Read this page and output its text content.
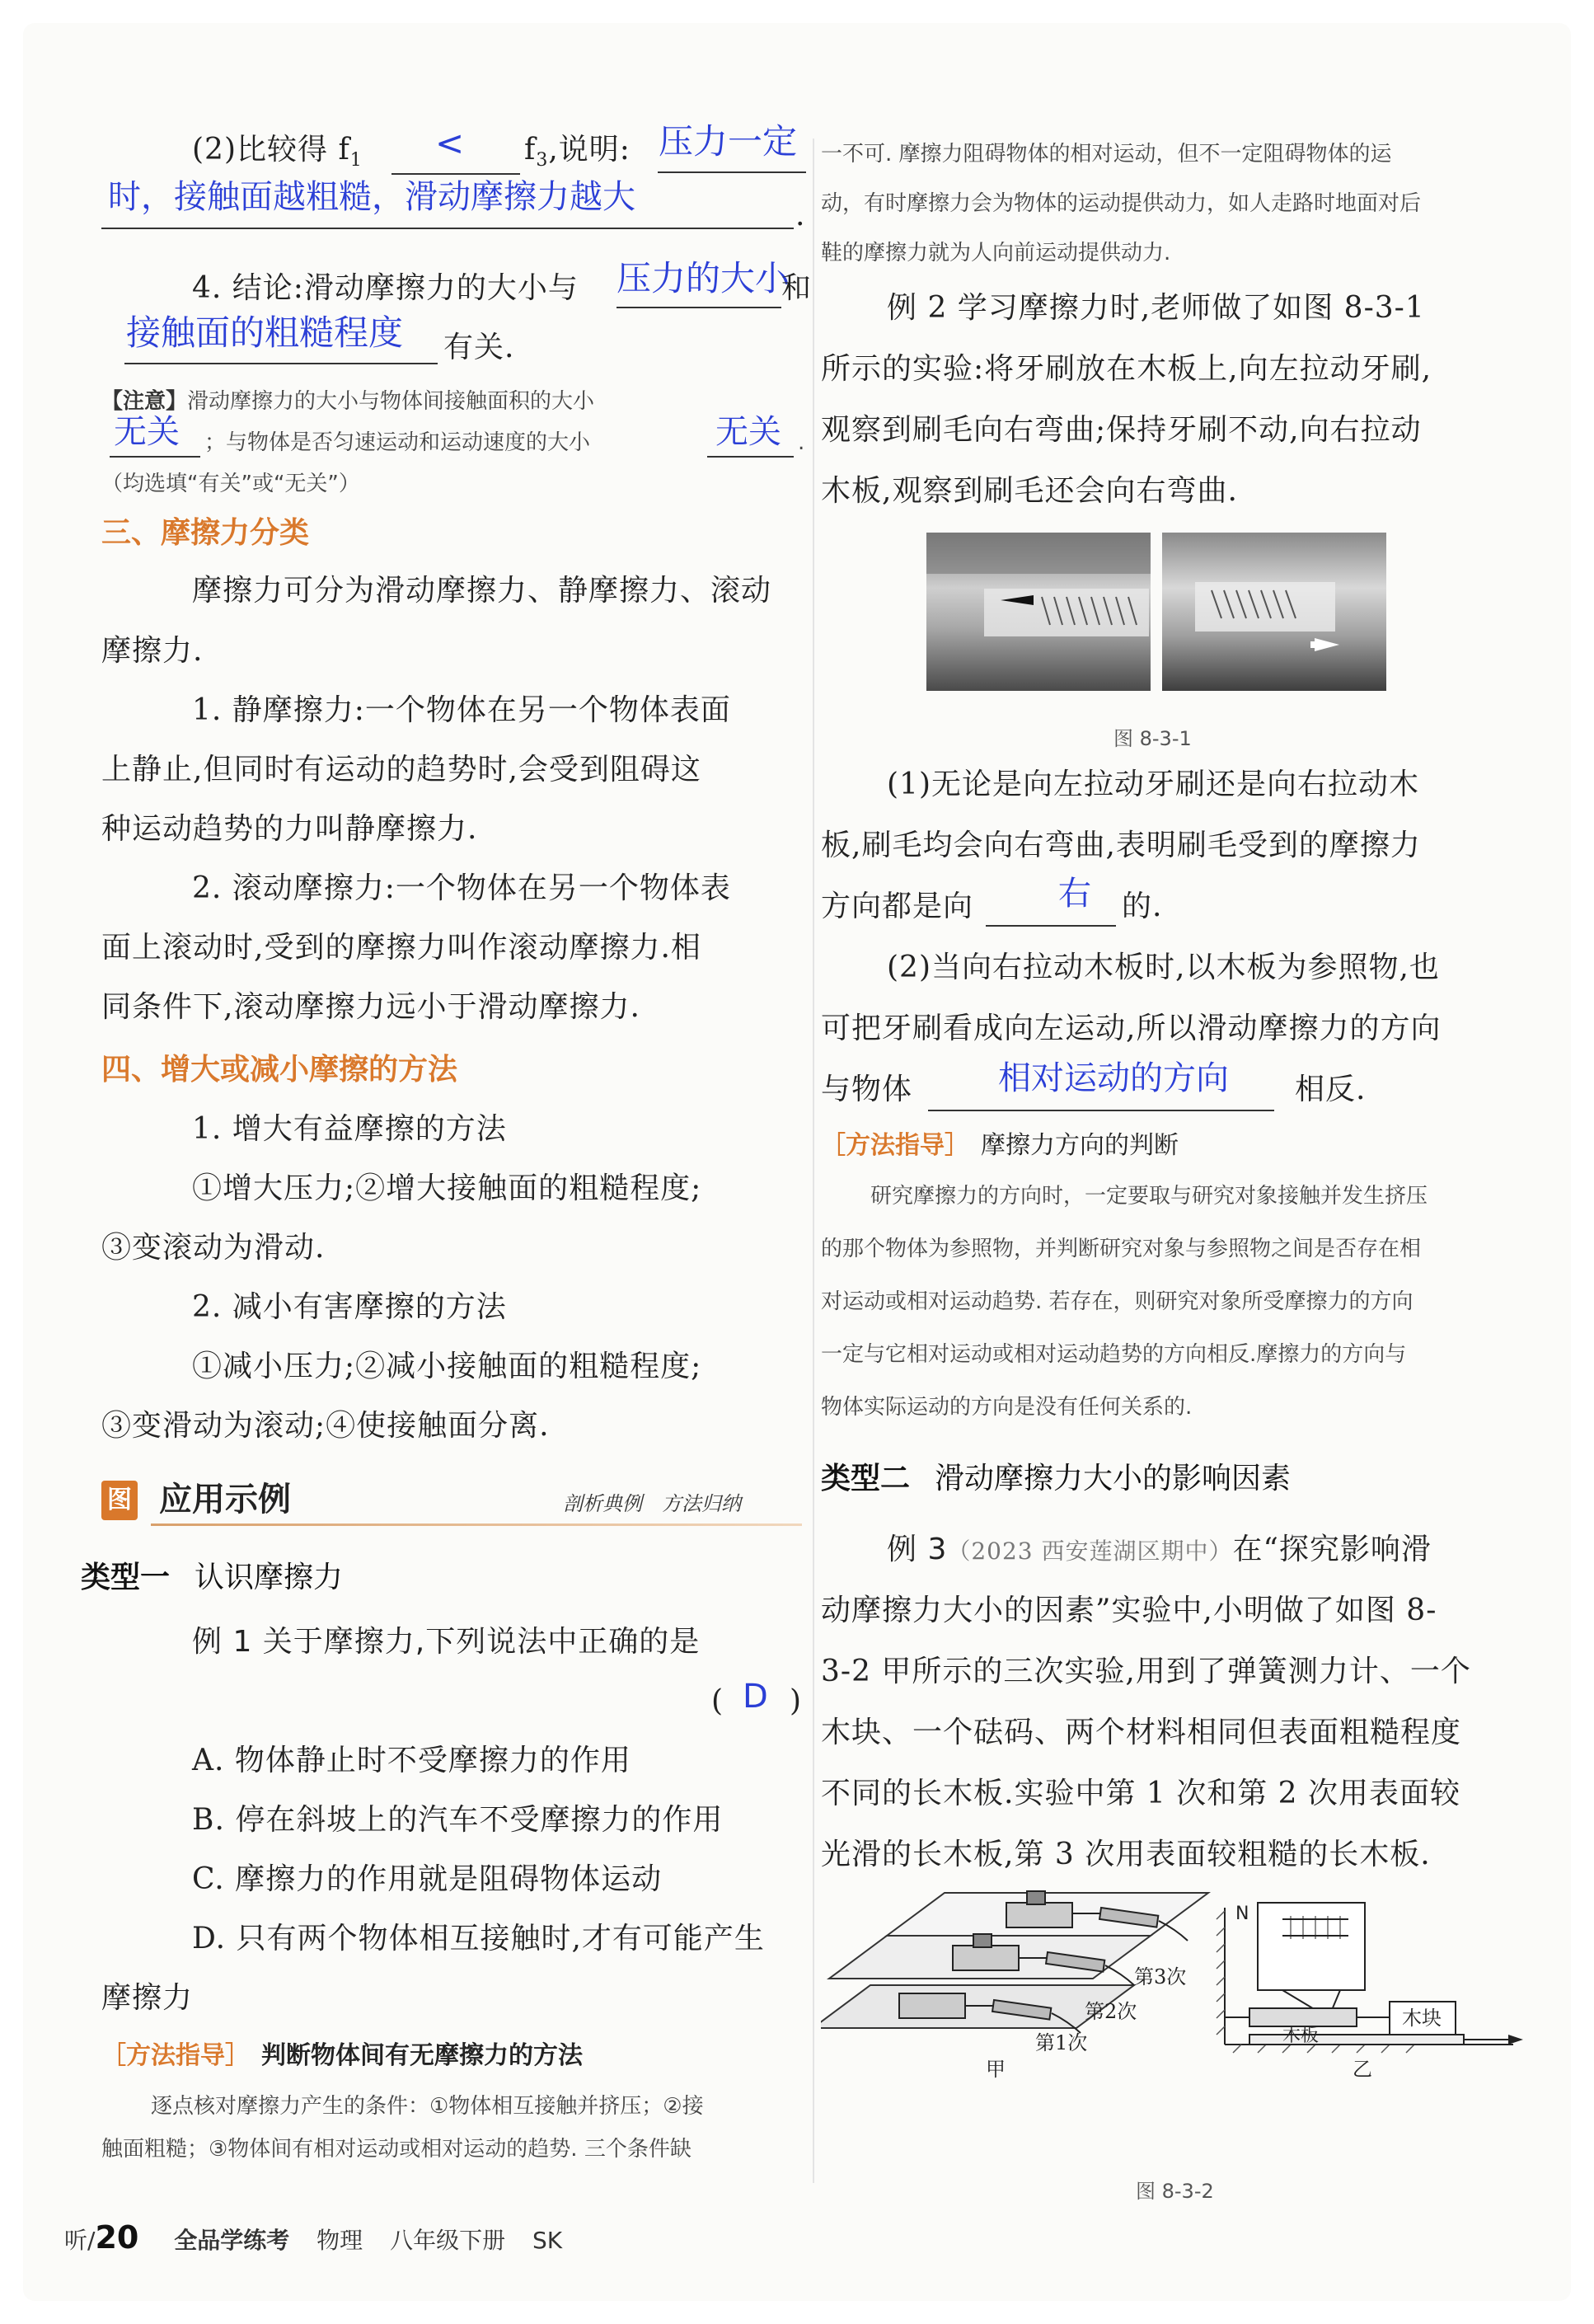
(2)比较得 $f_1 < f_3$,说明: 压力一定
时，接触面越粗糙，滑动摩擦力越大	.
4. 结论:滑动摩擦力的大小与 压力的大小
和
接触面的粗糙程度 有关.
【注意】滑动摩擦力的大小与物体间接触面积的大小
无关 ；与物体是否匀速运动和运动速度的大小	无关 .
（均选填“有关”或“无关”）
三、摩擦力分类
摩擦力可分为滑动摩擦力、静摩擦力、滚动
摩擦力.
1. 静摩擦力:一个物体在另一个物体表面
上静止,但同时有运动的趋势时,会受到阻碍这
种运动趋势的力叫静摩擦力.
2. 滚动摩擦力:一个物体在另一个物体表
面上滚动时,受到的摩擦力叫作滚动摩擦力.相
同条件下,滚动摩擦力远小于滑动摩擦力.
四、增大或减小摩擦的方法
1. 增大有益摩擦的方法
①增大压力;②增大接触面的粗糙程度;
③变滚动为滑动.
2. 减小有害摩擦的方法
①减小压力;②减小接触面的粗糙程度;
③变滑动为滚动;④使接触面分离.
图 应用示例	剖析典例　方法归纳
类型一 认识摩擦力
例 1 关于摩擦力,下列说法中正确的是
( D )
A. 物体静止时不受摩擦力的作用
B. 停在斜坡上的汽车不受摩擦力的作用
C. 摩擦力的作用就是阻碍物体运动
D. 只有两个物体相互接触时,才有可能产生
摩擦力
［方法指导］ 判断物体间有无摩擦力的方法
逐点核对摩擦力产生的条件：①物体相互接触并挤压；②接
触面粗糙；③物体间有相对运动或相对运动的趋势. 三个条件缺
一不可. 摩擦力阻碍物体的相对运动，但不一定阻碍物体的运
动，有时摩擦力会为物体的运动提供动力，如人走路时地面对后
鞋的摩擦力就为人向前运动提供动力.
例 2 学习摩擦力时,老师做了如图 8-3-1
所示的实验:将牙刷放在木板上,向左拉动牙刷,
观察到刷毛向右弯曲;保持牙刷不动,向右拉动
木板,观察到刷毛还会向右弯曲.
图 8-3-1
(1)无论是向左拉动牙刷还是向右拉动木
板,刷毛均会向右弯曲,表明刷毛受到的摩擦力
方向都是向	右 的.
(2)当向右拉动木板时,以木板为参照物,也
可把牙刷看成向左运动,所以滑动摩擦力的方向
与物体	相对运动的方向 相反.
［方法指导］ 摩擦力方向的判断
研究摩擦力的方向时，一定要取与研究对象接触并发生挤压
的那个物体为参照物，并判断研究对象与参照物之间是否存在相
对运动或相对运动趋势. 若存在，则研究对象所受摩擦力的方向
一定与它相对运动或相对运动趋势的方向相反.摩擦力的方向与
物体实际运动的方向是没有任何关系的.
类型二 滑动摩擦力大小的影响因素
例 3（2023 西安莲湖区期中）在“探究影响滑
动摩擦力大小的因素”实验中,小明做了如图 8-
3-2 甲所示的三次实验,用到了弹簧测力计、一个
木块、一个砝码、两个材料相同但表面粗糙程度
不同的长木板.实验中第 1 次和第 2 次用表面较
光滑的长木板,第 3 次用表面较粗糙的长木板.
第3次
第2次
第1次
甲
N
木块
木板
乙
图 8-3-2
听/20 全品学练考 物理 八年级下册 SK
